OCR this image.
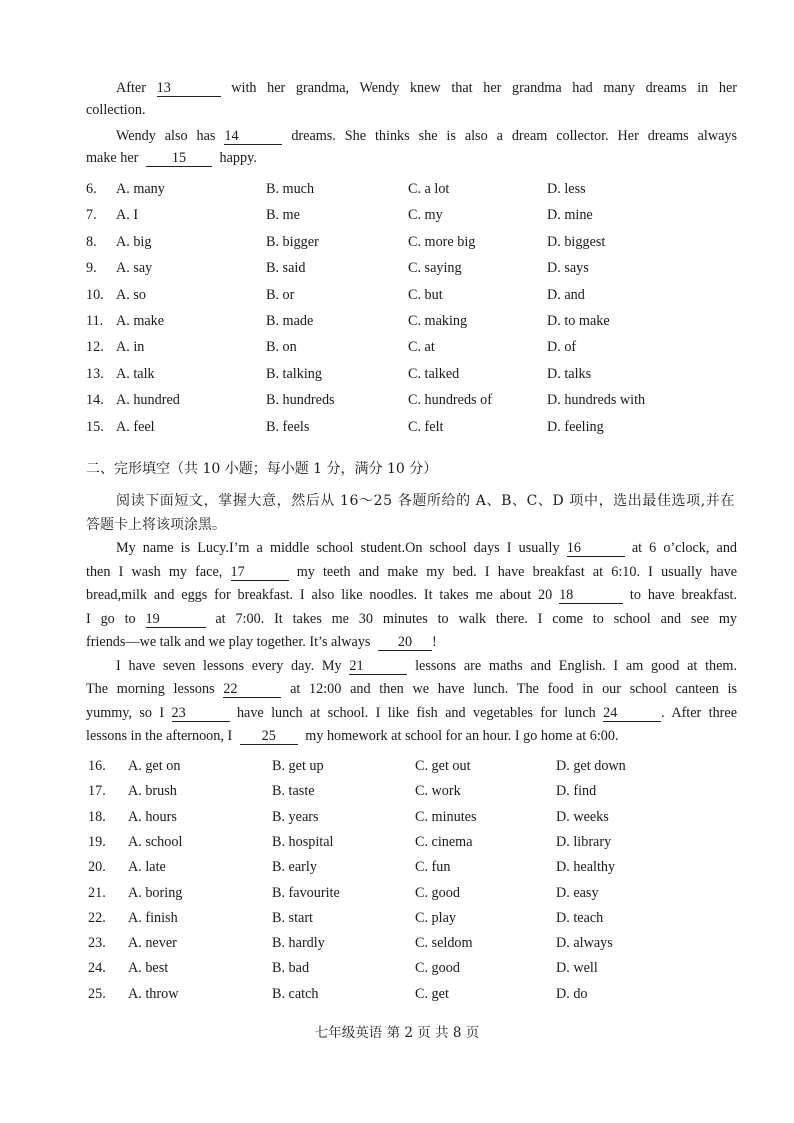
After 13	with her grandma, Wendy knew that her grandma had many dreams in her
collection.
Wendy also has 14	dreams. She thinks she is also a dream collector. Her dreams always
make her 15 happy.
6. A. many	B. much	C. a lot	D. less
7. A. I	B. me	C. my	D. mine
8. A. big	B. bigger	C. more big	D. biggest
9. A. say	B. said	C. saying	D. says
10. A. so	B. or	C. but	D. and
11. A. make	B. made	C. making	D. to make
12. A. in	B. on	C. at	D. of
13. A. talk	B. talking	C. talked	D. talks
14. A. hundred	B. hundreds	C. hundreds of	D. hundreds with
15. A. feel	B. feels	C. felt	D. feeling
二、完形填空（共 10 小题；每小题 1 分，满分 10 分）
阅读下面短文，掌握大意，然后从 16～25 各题所给的 A、B、C、D 项中，选出最佳选项,并在
答题卡上将该项涂黑。
My name is Lucy.I’m a middle school student.On school days I usually 16	at 6 o’clock, and
then I wash my face, 17	my teeth and make my bed. I have breakfast at 6:10. I usually have
bread,milk and eggs for breakfast. I also like noodles. It takes me about 20 18	to have breakfast.
I go to 19	at 7:00. It takes me 30 minutes to walk there. I come to school and see my
friends—we talk and we play together. It’s always 20 !
I have seven lessons every day. My 21	lessons are maths and English. I am good at them.
The morning lessons 22	at 12:00 and then we have lunch. The food in our school canteen is
yummy, so I 23	have lunch at school. I like fish and vegetables for lunch 24	. After three
lessons in the afternoon, I 25 my homework at school for an hour. I go home at 6:00.
16. A. get on	B. get up	C. get out	D. get down
17. A. brush	B. taste	C. work	D. find
18. A. hours	B. years	C. minutes	D. weeks
19. A. school	B. hospital	C. cinema	D. library
20. A. late	B. early	C. fun	D. healthy
21. A. boring	B. favourite	C. good	D. easy
22. A. finish	B. start	C. play	D. teach
23. A. never	B. hardly	C. seldom	D. always
24. A. best	B. bad	C. good	D. well
25. A. throw	B. catch	C. get	D. do
七年级英语 第 2 页 共 8 页
